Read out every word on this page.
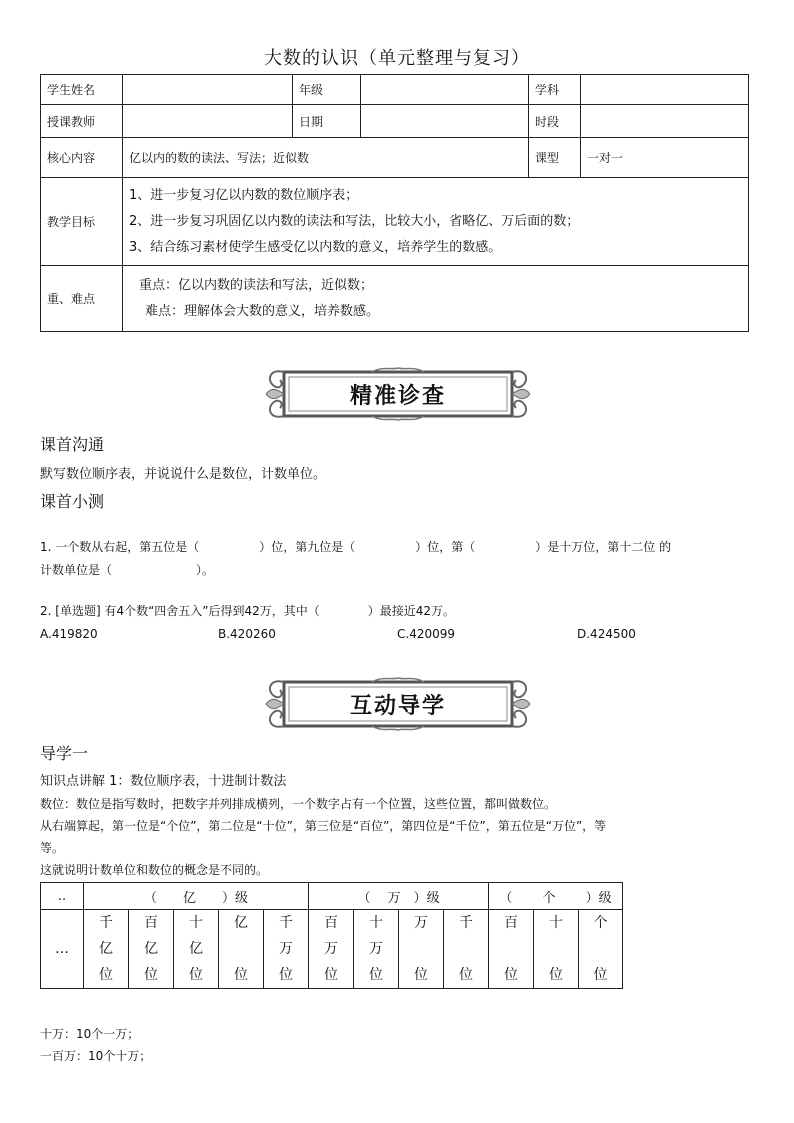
大数的认识（单元整理与复习）
学生姓名		年级		学科	
授课教师		日期		时段	
核心内容	亿以内的数的读法、写法；近似数			课型	一对一
教学目标	1、进一步复习亿以内数的数位顺序表；
2、进一步复习巩固亿以内数的读法和写法，比较大小，省略亿、万后面的数；
3、结合练习素材使学生感受亿以内数的意义，培养学生的数感。				

重、难点	重点：亿以内数的读法和写法，近似数；
难点：理解体会大数的意义，培养数感。				
精准诊查
课首沟通
默写数位顺序表，并说说什么是数位，计数单位。
课首小测
1. 一个数从右起，第五位是（　　　　　）位，第九位是（　　　　　）位，第（　　　　　）是十万位，第十二位 的
计数单位是（　　　　　　　）。
2. [单选题] 有4个数“四舍五入”后得到42万，其中（　　　　）最接近42万。
A.419820	B.420260	C.420099	D.424500
互动导学
导学一
知识点讲解 1：数位顺序表，十进制计数法
数位：数位是指写数时，把数字并列排成横列，一个数字占有一个位置，这些位置，都叫做数位。
从右端算起，第一位是“个位”，第二位是“十位”，第三位是“百位”，第四位是“千位”，第五位是“万位”，等
等。
这就说明计数单位和数位的概念是不同的。
..	（　　亿　　）级					（　 万　）级				（　　 个　　 ）级		
…	千
亿
位	百
亿
位	十
亿
位	亿
位	千
万
位	百
万
位	十
万
位	万
位	千
位	百
位	十
位	个
位
十万：10个一万；
一百万：10个十万；
